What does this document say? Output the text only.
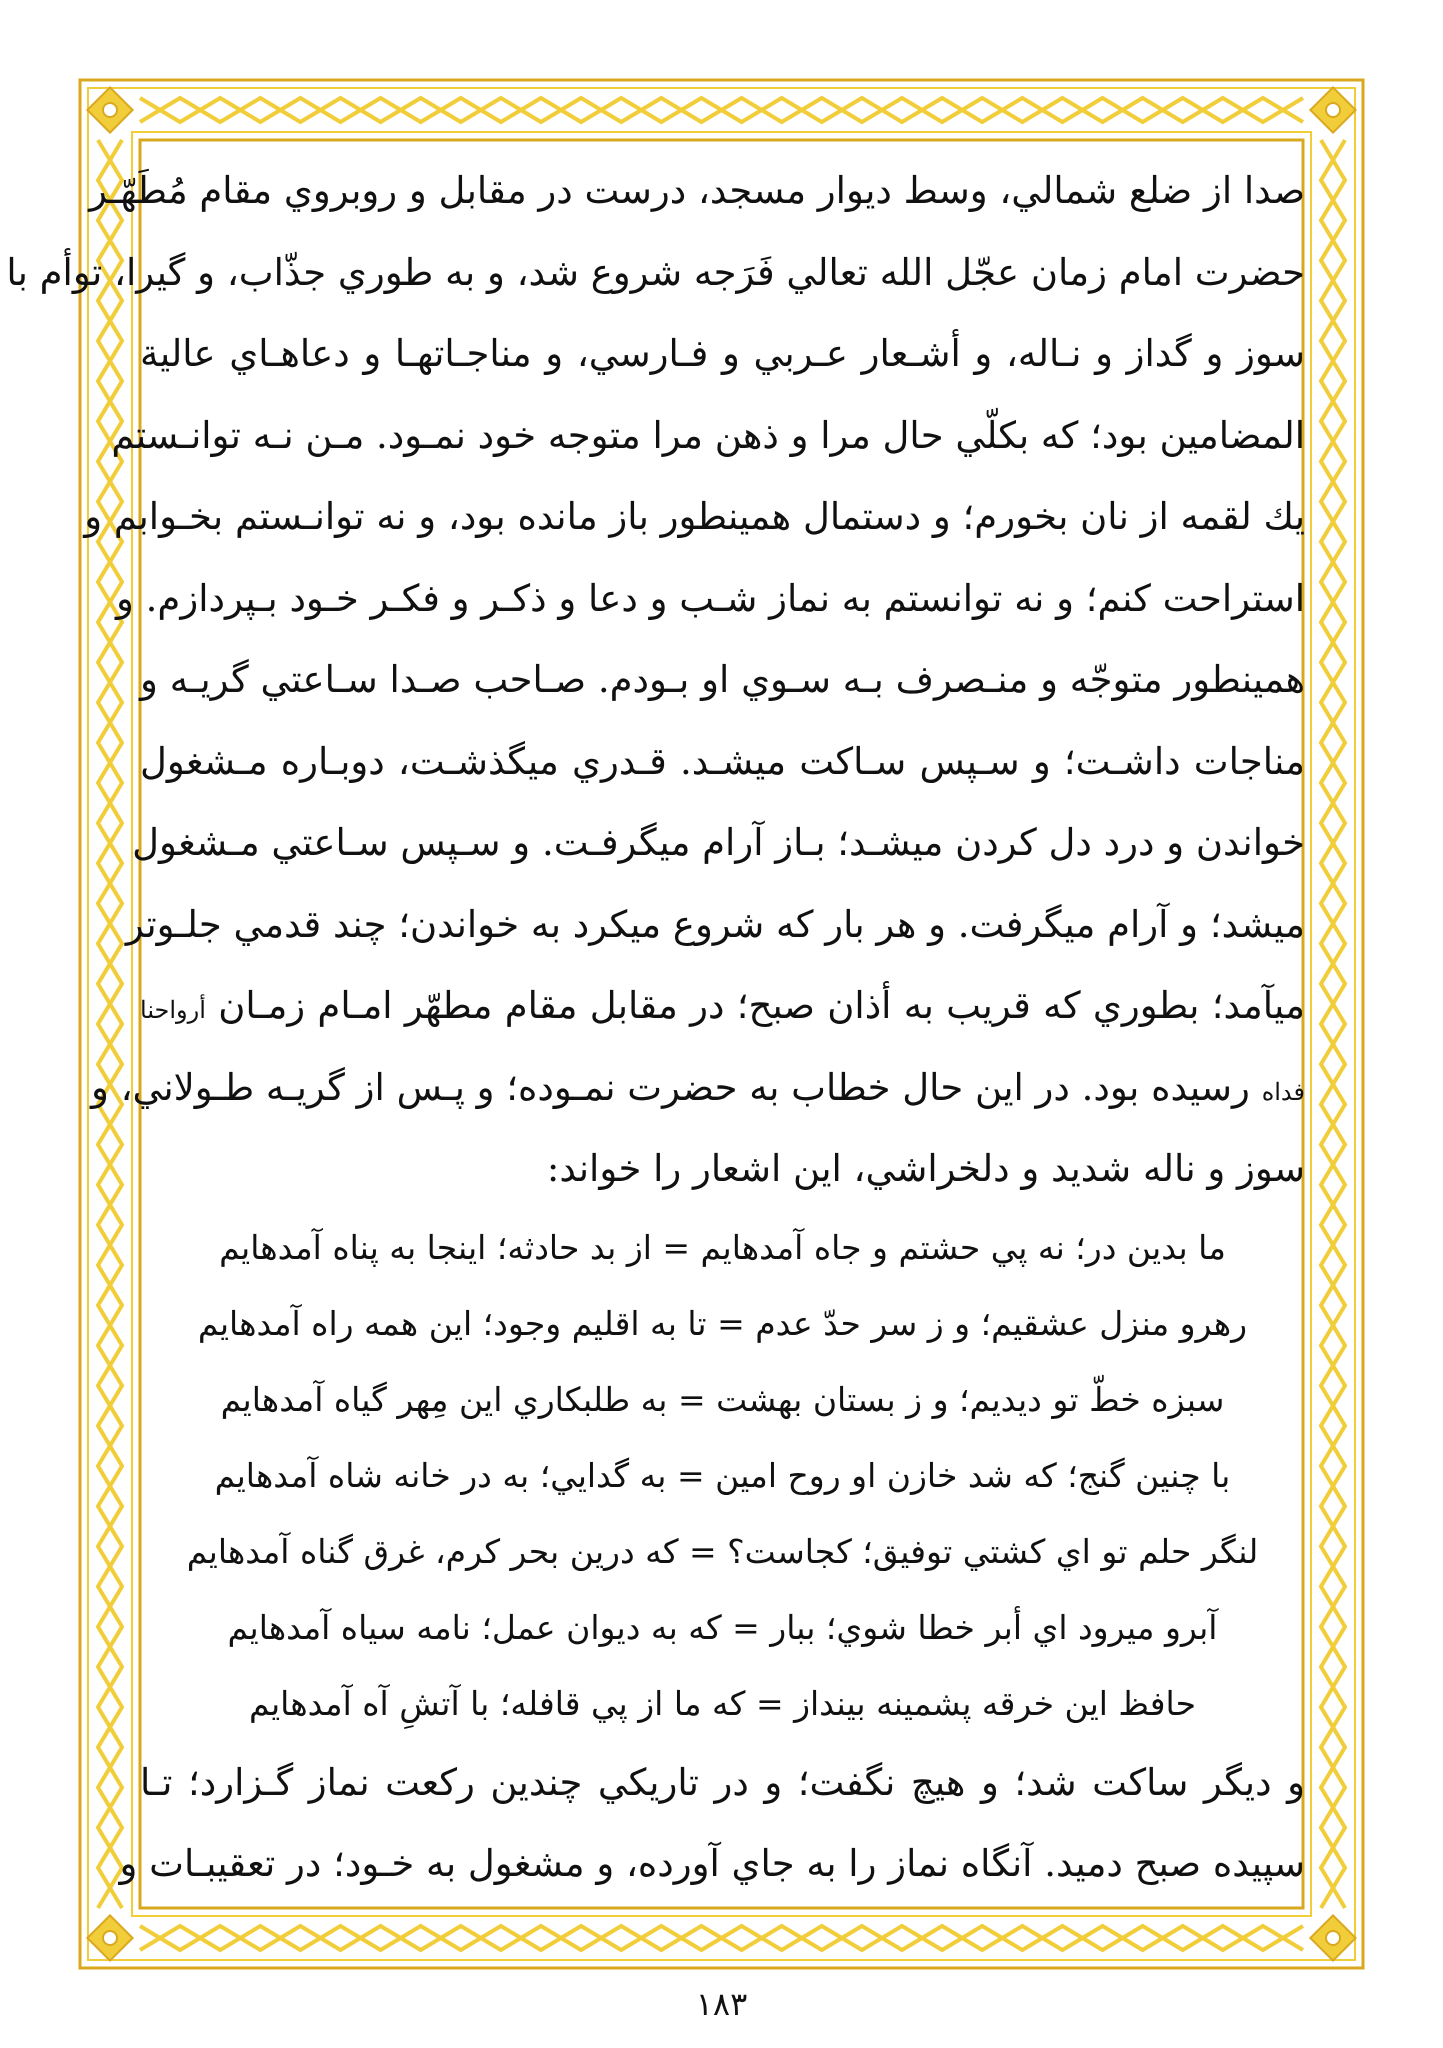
صدا از ضلع شمالي، وسط ديوار مسجد، درست در مقابل و روبروي مقام مُطَهّـر
حضرت امام زمان عجّل الله تعالي فَرَجه شروع شد، و به طوري جذّاب، و گيرا، توأم با
سوز و گداز و نـاله، و أشـعار عـربي و فـارسي، و مناجـاتهـا و دعاهـاي عالية
المضامين بود؛ كه بكلّي حال مرا و ذهن مرا متوجه خود نمـود. مـن نـه توانـستم
يك لقمه از نان بخورم؛ و دستمال همينطور باز مانده بود، و نه توانـستم بخـوابم و
استراحت كنم؛ و نه توانستم به نماز شـب و دعا و ذكـر و فكـر خـود بـپردازم. و
همينطور متوجّه و منـصرف بـه سـوي او بـودم. صـاحب صـدا سـاعتي گريـه و
مناجات داشـت؛ و سـپس سـاكت ميشـد. قـدري ميگذشـت، دوبـاره مـشغول
خواندن و درد دل كردن ميشـد؛ بـاز آرام ميگرفـت. و سـپس سـاعتي مـشغول
ميشد؛ و آرام ميگرفت. و هر بار كه شروع ميكرد به خواندن؛ چند قدمي جلـوتر
ميآمد؛ بطوري كه قريب به أذان صبح؛ در مقابل مقام مطهّر امـام زمـان أرواحنا
فداه رسيده بود. در اين حال خطاب به حضرت نمـوده؛ و پـس از گريـه طـولاني، و
سوز و ناله شديد و دلخراشي، اين اشعار را خواند:
ما بدين در؛ نه پي حشتم و جاه آمدهايم = از بد حادثه؛ اينجا به پناه آمدهايم
رهرو منزل عشقيم؛ و ز سر حدّ عدم = تا به اقليم وجود؛ اين همه راه آمدهايم
سبزه خطّ تو ديديم؛ و ز بستان بهشت = به طلبكاري اين مِهر گياه آمدهايم
با چنين گنج؛ كه شد خازن او روح امين = به گدايي؛ به در خانه شاه آمدهايم
لنگر حلم تو اي كشتي توفيق؛ كجاست؟ = كه درين بحر كرم، غرق گناه آمدهايم
آبرو ميرود اي أبر خطا شوي؛ ببار = كه به ديوان عمل؛ نامه سياه آمدهايم
حافظ اين خرقه پشمينه بينداز = كه ما از پي قافله؛ با آتشِ آه آمدهايم
و ديگر ساكت شد؛ و هيچ نگفت؛ و در تاريكي چندين ركعت نماز گـزارد؛ تـا
سپيده صبح دميد. آنگاه نماز را به جاي آورده، و مشغول به خـود؛ در تعقيبـات و
١٨٣
